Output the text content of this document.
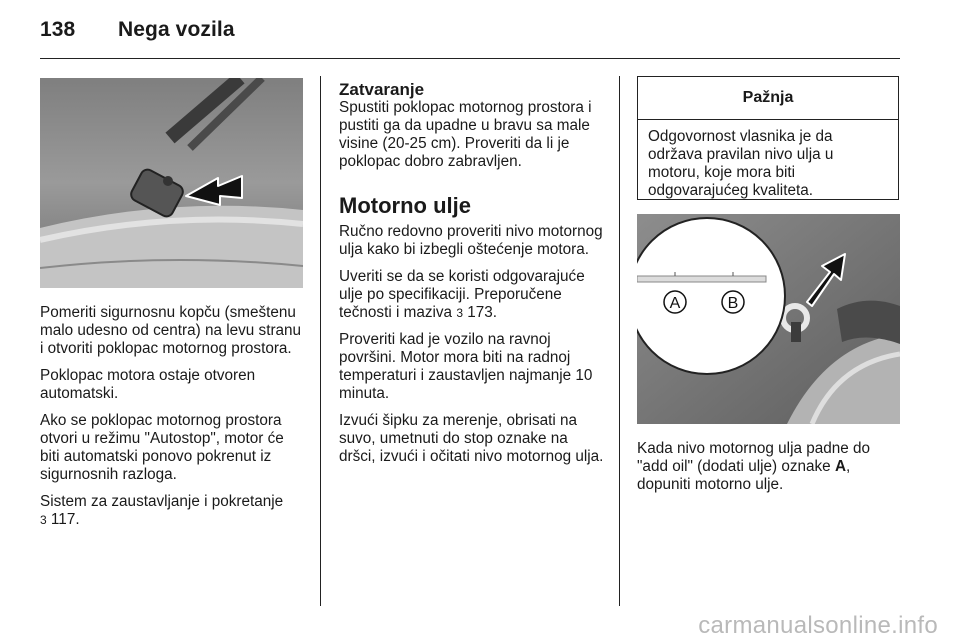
138 Nega vozila

Pomeriti sigurnosnu kopču (smeštenu malo udesno od centra) na levu stranu i otvoriti poklopac motornog prostora.

Poklopac motora ostaje otvoren automatski.

Ako se poklopac motornog prostora otvori u režimu "Autostop", motor će biti automatski ponovo pokrenut iz sigurnosnih razloga.

Sistem za zaustavljanje i pokretanje
3 117.

Zatvaranje

Spustiti poklopac motornog prostora i pustiti ga da upadne u bravu sa male visine (20-25 cm). Proveriti da li je poklopac dobro zabravljen.

Motorno ulje

Ručno redovno proveriti nivo motornog ulja kako bi izbegli oštećenje motora.

Uveriti se da se koristi odgovarajuće ulje po specifikaciji. Preporučene tečnosti i maziva 3 173.

Proveriti kad je vozilo na ravnoj površini. Motor mora biti na radnoj temperaturi i zaustavljen najmanje 10 minuta.

Izvući šipku za merenje, obrisati na suvo, umetnuti do stop oznake na dršci, izvući i očitati nivo motornog ulja.

Pažnja
Odgovornost vlasnika je da održava pravilan nivo ulja u motoru, koje mora biti odgovarajućeg kvaliteta.
A	B

Kada nivo motornog ulja padne do "add oil" (dodati ulje) oznake A, dopuniti motorno ulje.

carmanualsonline.info
